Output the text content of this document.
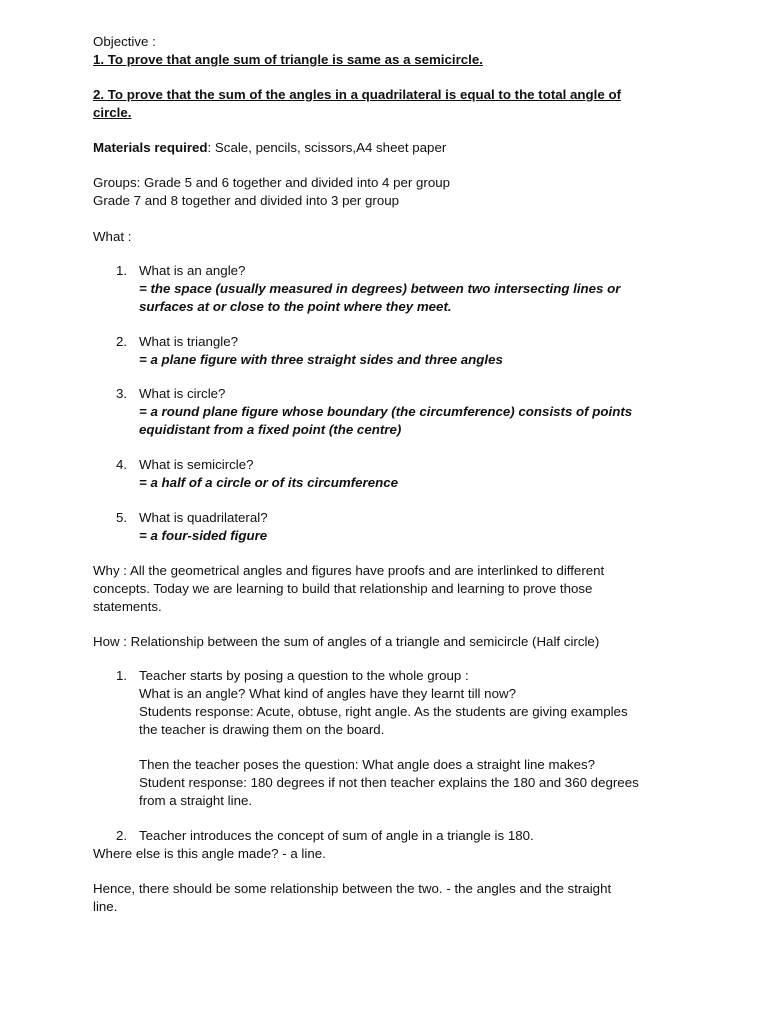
Objective :
1. To prove that angle sum of triangle is same as a semicircle.
2. To prove that the sum of the angles in a quadrilateral is equal to the total angle of
circle.
Materials required: Scale, pencils, scissors,A4 sheet paper
Groups: Grade 5 and 6 together and divided into 4 per group
Grade 7 and 8 together and divided into 3 per group
What :
1. What is an angle?
= the space (usually measured in degrees) between two intersecting lines or
surfaces at or close to the point where they meet.
2. What is triangle?
= a plane figure with three straight sides and three angles
3. What is circle?
= a round plane figure whose boundary (the circumference) consists of points
equidistant from a fixed point (the centre)
4. What is semicircle?
= a half of a circle or of its circumference
5. What is quadrilateral?
= a four-sided figure
Why : All the geometrical angles and figures have proofs and are interlinked to different
concepts. Today we are learning to build that relationship and learning to prove those
statements.
How : Relationship between the sum of angles of a triangle and semicircle (Half circle)
1. Teacher starts by posing a question to the whole group :
What is an angle? What kind of angles have they learnt till now?
Students response: Acute, obtuse, right angle. As the students are giving examples
the teacher is drawing them on the board.
Then the teacher poses the question: What angle does a straight line makes?
Student response: 180 degrees if not then teacher explains the 180 and 360 degrees
from a straight line.
2. Teacher introduces the concept of sum of angle in a triangle is 180.
Where else is this angle made? - a line.
Hence, there should be some relationship between the two. - the angles and the straight
line.
